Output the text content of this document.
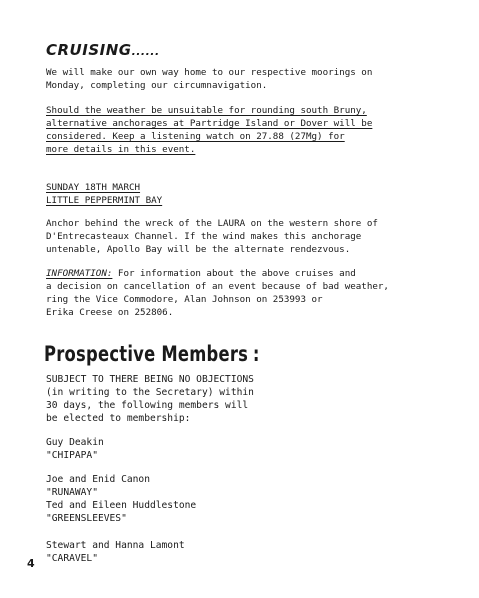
CRUISING......
We will make our own way home to our respective moorings on
Monday, completing our circumnavigation.
Should the weather be unsuitable for rounding south Bruny,
alternative anchorages at Partridge Island or Dover will be
considered. Keep a listening watch on 27.88 (27Mg) for
more details in this event.
SUNDAY 18TH MARCH
LITTLE PEPPERMINT BAY
Anchor behind the wreck of the LAURA on the western shore of
D'Entrecasteaux Channel. If the wind makes this anchorage
untenable, Apollo Bay will be the alternate rendezvous.
INFORMATION: For information about the above cruises and
a decision on cancellation of an event because of bad weather,
ring the Vice Commodore, Alan Johnson on 253993 or
Erika Creese on 252806.
Prospective Members :
SUBJECT TO THERE BEING NO OBJECTIONS
(in writing to the Secretary) within
30 days, the following members will
be elected to membership:
Guy Deakin
"CHIPAPA"
Joe and Enid Canon
"RUNAWAY"
Ted and Eileen Huddlestone
"GREENSLEEVES"
Stewart and Hanna Lamont
"CARAVEL"
4
